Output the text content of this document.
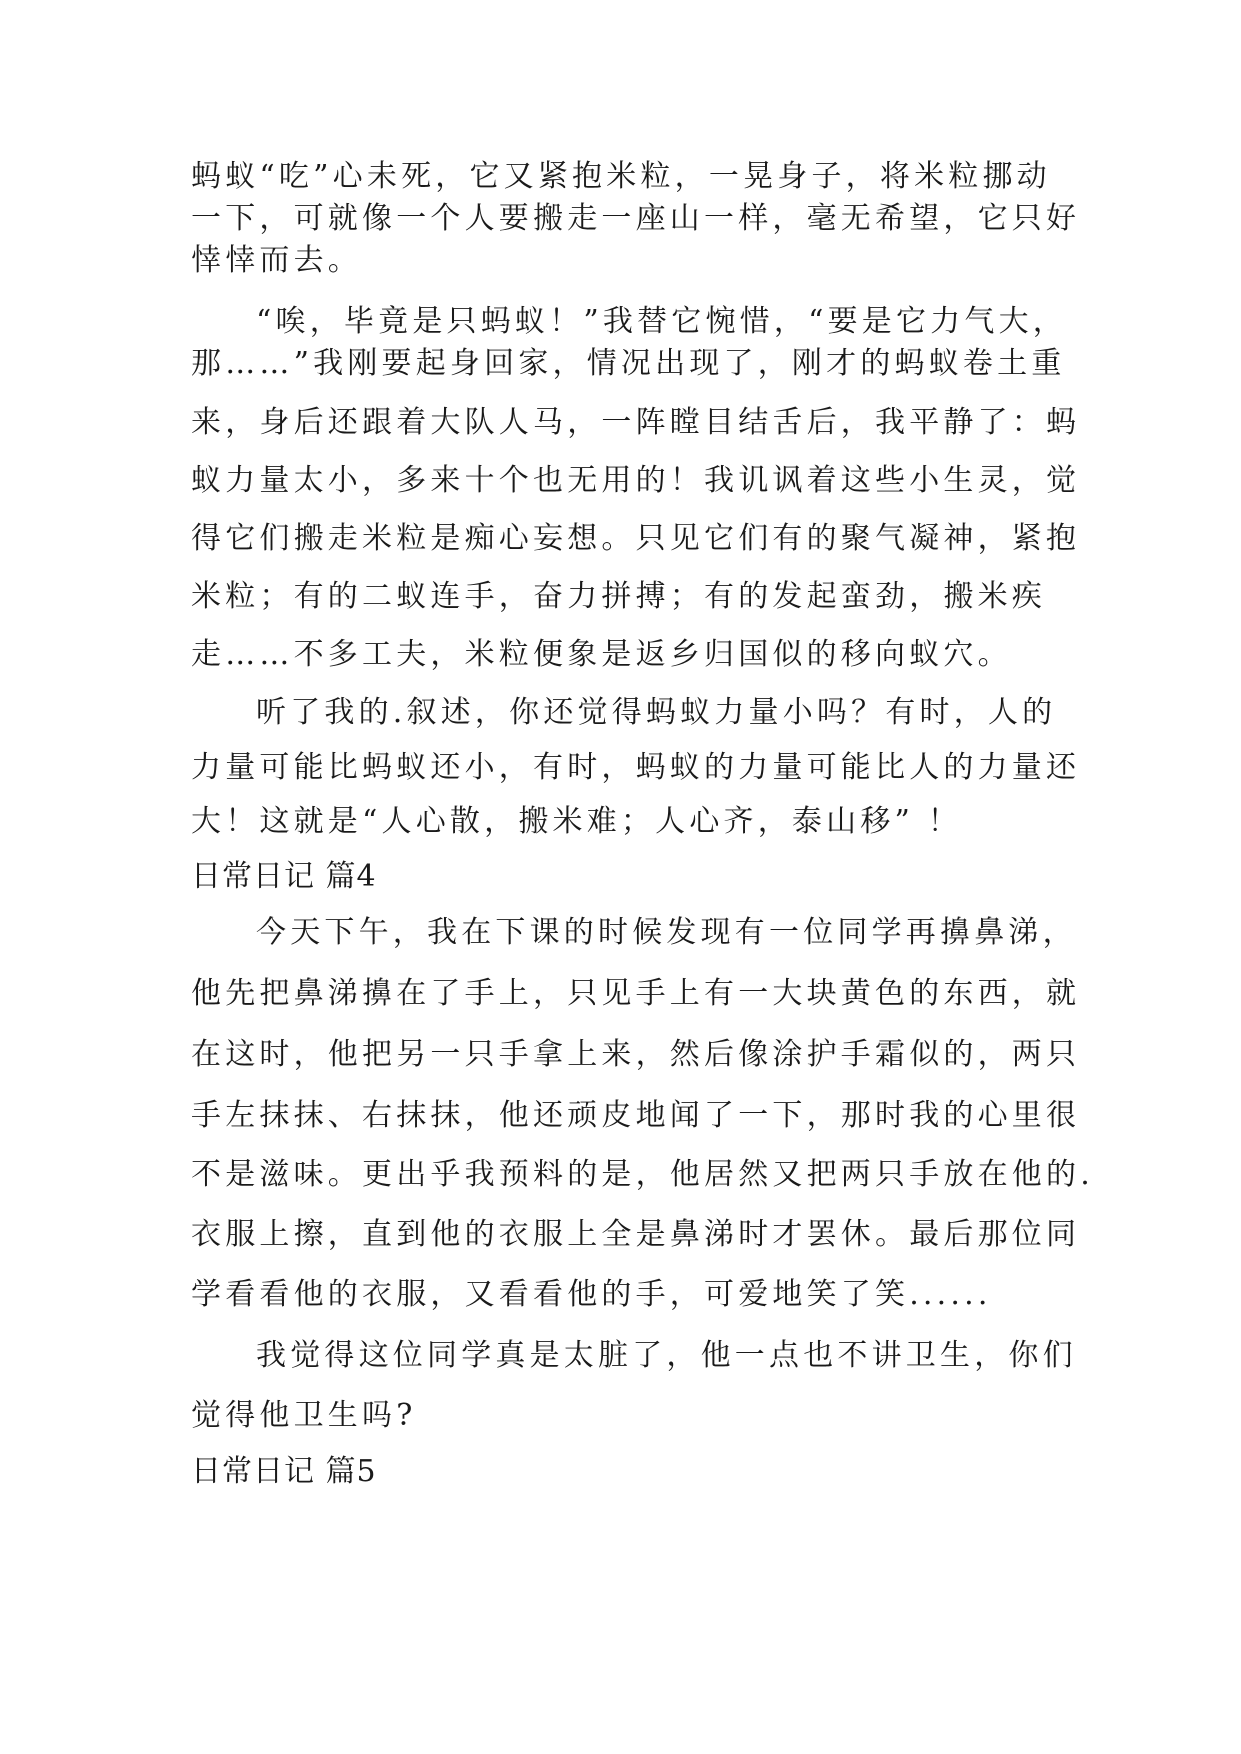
蚂蚁“吃”心未死，它又紧抱米粒，一晃身子，将米粒挪动
一下，可就像一个人要搬走一座山一样，毫无希望，它只好
悻悻而去。
“唉，毕竟是只蚂蚁！”我替它惋惜，“要是它力气大，
那……”我刚要起身回家，情况出现了，刚才的蚂蚁卷土重
来，身后还跟着大队人马，一阵瞠目结舌后，我平静了：蚂
蚁力量太小，多来十个也无用的！我讥讽着这些小生灵，觉
得它们搬走米粒是痴心妄想。只见它们有的聚气凝神，紧抱
米粒；有的二蚁连手，奋力拼搏；有的发起蛮劲，搬米疾
走……不多工夫，米粒便象是返乡归国似的移向蚁穴。
听了我的.叙述，你还觉得蚂蚁力量小吗？有时，人的
力量可能比蚂蚁还小，有时，蚂蚁的力量可能比人的力量还
大！这就是“人心散，搬米难；人心齐，泰山移” ！
日常日记 篇4
今天下午，我在下课的时候发现有一位同学再擤鼻涕，
他先把鼻涕擤在了手上，只见手上有一大块黄色的东西，就
在这时，他把另一只手拿上来，然后像涂护手霜似的，两只
手左抹抹、右抹抹，他还顽皮地闻了一下，那时我的心里很
不是滋味。更出乎我预料的是，他居然又把两只手放在他的.
衣服上擦，直到他的衣服上全是鼻涕时才罢休。最后那位同
学看看他的衣服，又看看他的手，可爱地笑了笑......
我觉得这位同学真是太脏了，他一点也不讲卫生，你们
觉得他卫生吗?
日常日记 篇5
